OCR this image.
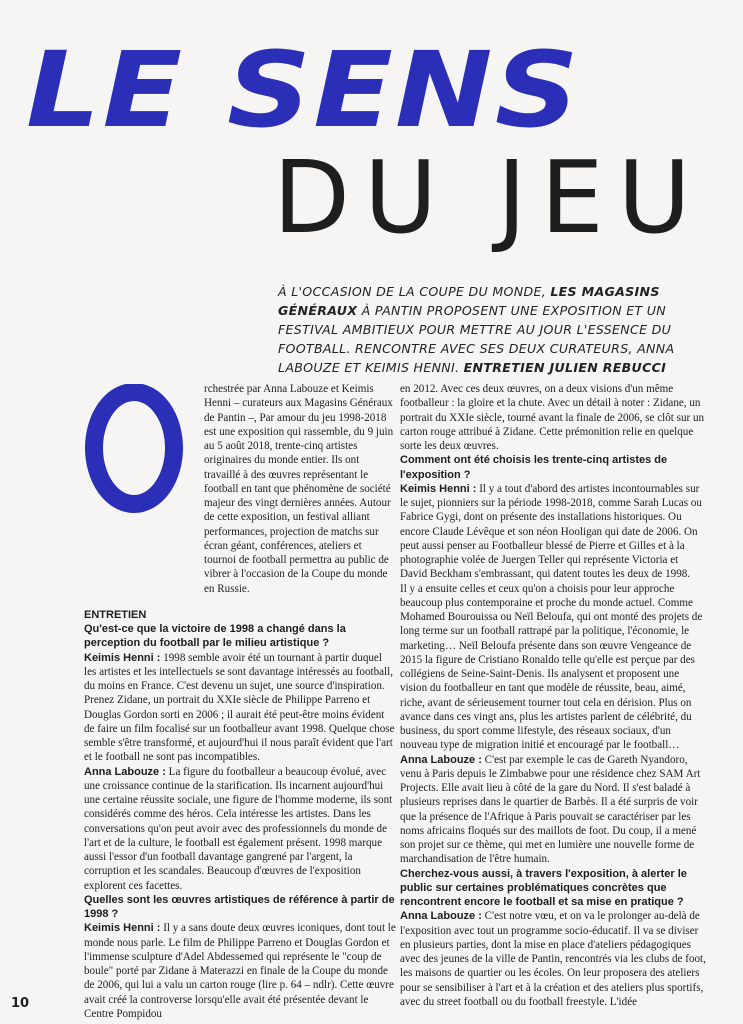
LE SENS
DU JEU
À L'OCCASION DE LA COUPE DU MONDE, LES MAGASINS GÉNÉRAUX À PANTIN PROPOSENT UNE EXPOSITION ET UN FESTIVAL AMBITIEUX POUR METTRE AU JOUR L'ESSENCE DU FOOTBALL. RENCONTRE AVEC SES DEUX CURATEURS, ANNA LABOUZE ET KEIMIS HENNI. ENTRETIEN JULIEN REBUCCI

rchestrée par Anna Labouze et Keimis Henni – curateurs aux Magasins Généraux de Pantin –, Par amour du jeu 1998-2018 est une exposition qui rassemble, du 9 juin au 5 août 2018, trente-cinq artistes originaires du monde entier. Ils ont travaillé à des œuvres représentant le football en tant que phénomène de société majeur des vingt dernières années. Autour de cette exposition, un festival alliant performances, projection de matchs sur écran géant, conférences, ateliers et tournoi de football permettra au public de vibrer à l'occasion de la Coupe du monde en Russie.

ENTRETIEN

Qu'est-ce que la victoire de 1998 a changé dans la perception du football par le milieu artistique ?

Keimis Henni : 1998 semble avoir été un tournant à partir duquel les artistes et les intellectuels se sont davantage intéressés au football, du moins en France. C'est devenu un sujet, une source d'inspiration. Prenez Zidane, un portrait du XXIe siècle de Philippe Parreno et Douglas Gordon sorti en 2006 ; il aurait été peut-être moins évident de faire un film focalisé sur un footballeur avant 1998. Quelque chose semble s'être transformé, et aujourd'hui il nous paraît évident que l'art et le football ne sont pas incompatibles.

Anna Labouze : La figure du footballeur a beaucoup évolué, avec une croissance continue de la starification. Ils incarnent aujourd'hui une certaine réussite sociale, une figure de l'homme moderne, ils sont considérés comme des héros. Cela intéresse les artistes. Dans les conversations qu'on peut avoir avec des professionnels du monde de l'art et de la culture, le football est également présent. 1998 marque aussi l'essor d'un football davantage gangrené par l'argent, la corruption et les scandales. Beaucoup d'œuvres de l'exposition explorent ces facettes.

Quelles sont les œuvres artistiques de référence à partir de 1998 ?

Keimis Henni : Il y a sans doute deux œuvres iconiques, dont tout le monde nous parle. Le film de Philippe Parreno et Douglas Gordon et l'immense sculpture d'Adel Abdessemed qui représente le "coup de boule" porté par Zidane à Materazzi en finale de la Coupe du monde de 2006, qui lui a valu un carton rouge (lire p. 64 – ndlr). Cette œuvre avait créé la controverse lorsqu'elle avait été présentée devant le Centre Pompidou

en 2012. Avec ces deux œuvres, on a deux visions d'un même footballeur : la gloire et la chute. Avec un détail à noter : Zidane, un portrait du XXIe siècle, tourné avant la finale de 2006, se clôt sur un carton rouge attribué à Zidane. Cette prémonition relie en quelque sorte les deux œuvres.

Comment ont été choisis les trente-cinq artistes de l'exposition ?

Keimis Henni : Il y a tout d'abord des artistes incontournables sur le sujet, pionniers sur la période 1998-2018, comme Sarah Lucas ou Fabrice Gygi, dont on présente des installations historiques. Ou encore Claude Lévêque et son néon Hooligan qui date de 2006. On peut aussi penser au Footballeur blessé de Pierre et Gilles et à la photographie volée de Juergen Teller qui représente Victoria et David Beckham s'embrassant, qui datent toutes les deux de 1998.

Il y a ensuite celles et ceux qu'on a choisis pour leur approche beaucoup plus contemporaine et proche du monde actuel. Comme Mohamed Bourouissa ou Neïl Beloufa, qui ont monté des projets de long terme sur un football rattrapé par la politique, l'économie, le marketing… Neïl Beloufa présente dans son œuvre Vengeance de 2015 la figure de Cristiano Ronaldo telle qu'elle est perçue par des collégiens de Seine-Saint-Denis. Ils analysent et proposent une vision du footballeur en tant que modèle de réussite, beau, aimé, riche, avant de sérieusement tourner tout cela en dérision. Plus on avance dans ces vingt ans, plus les artistes parlent de célébrité, du business, du sport comme lifestyle, des réseaux sociaux, d'un nouveau type de migration initié et encouragé par le football…

Anna Labouze : C'est par exemple le cas de Gareth Nyandoro, venu à Paris depuis le Zimbabwe pour une résidence chez SAM Art Projects. Elle avait lieu à côté de la gare du Nord. Il s'est baladé à plusieurs reprises dans le quartier de Barbès. Il a été surpris de voir que la présence de l'Afrique à Paris pouvait se caractériser par les noms africains floqués sur des maillots de foot. Du coup, il a mené son projet sur ce thème, qui met en lumière une nouvelle forme de marchandisation de l'être humain.

Cherchez-vous aussi, à travers l'exposition, à alerter le public sur certaines problématiques concrètes que rencontrent encore le football et sa mise en pratique ?

Anna Labouze : C'est notre vœu, et on va le prolonger au-delà de l'exposition avec tout un programme socio-éducatif. Il va se diviser en plusieurs parties, dont la mise en place d'ateliers pédagogiques avec des jeunes de la ville de Pantin, rencontrés via les clubs de foot, les maisons de quartier ou les écoles. On leur proposera des ateliers pour se sensibiliser à l'art et à la création et des ateliers plus sportifs, avec du street football ou du football freestyle. L'idée

10
